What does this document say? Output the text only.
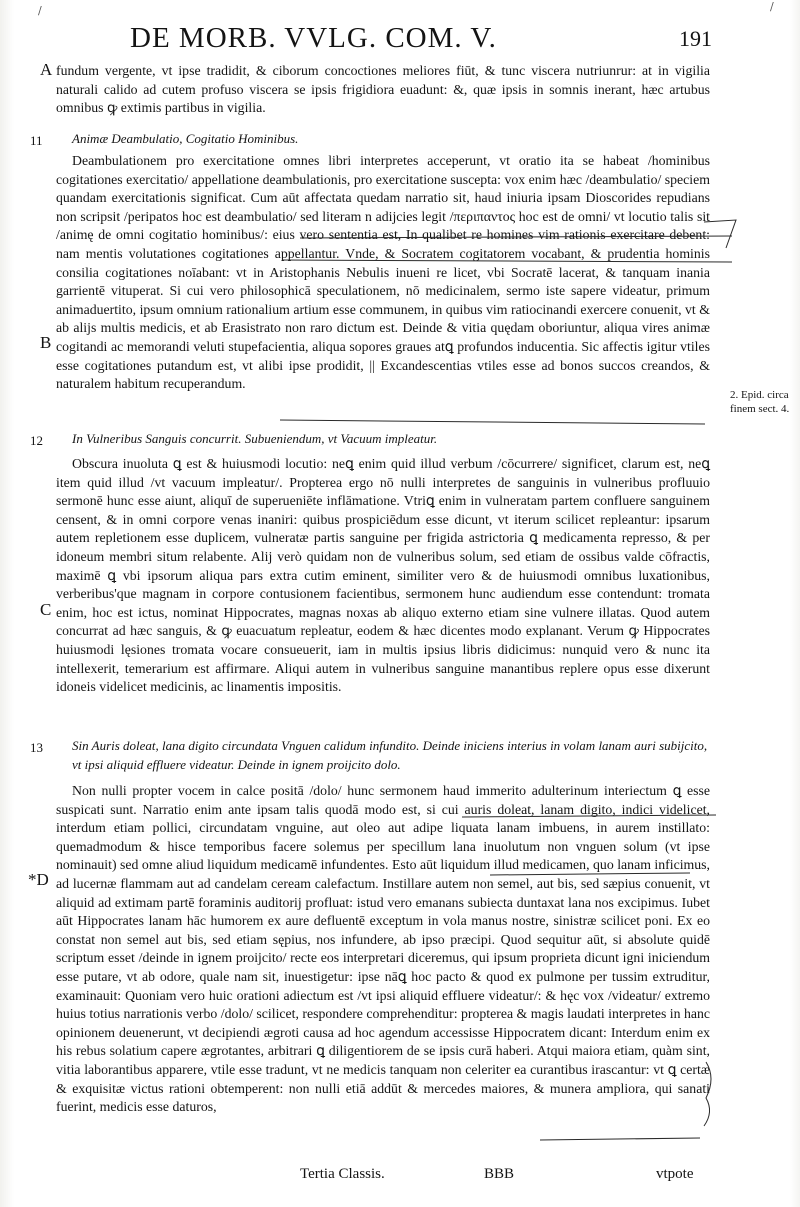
/	/
DE MORB. VVLG. COM. V.	191
A
11
B
12
C
13
*D
fundum vergente, vt ipse tradidit, & ciborum concoctiones meliores fiūt, & tunc viscera nutriunrur: at in vigilia naturali calido ad cutem profuso viscera se ipsis frigidiora euadunt: &, quæ ipsis in somnis inerant, hæc artubus omnibus ꝙ extimis partibus in vigilia.
Animæ Deambulatio, Cogitatio Hominibus.
Deambulationem pro exercitatione omnes libri interpretes acceperunt, vt oratio ita se habeat /hominibus cogitationes exercitatio/ appellatione deambulationis, pro exercitatione suscepta: vox enim hæc /deambulatio/ speciem quandam exercitationis significat. Cum aūt affectata quedam narratio sit, haud iniuria ipsam Dioscorides repudians non scripsit /peripatos hoc est deambulatio/ sed literam n adijcies legit /περιπαντος hoc est de omni/ vt locutio talis sit /animę de omni cogitatio hominibus/: eius vero sententia est, In qualibet re homines vim rationis exercitare debent: nam mentis volutationes cogitationes appellantur. Vnde, & Socratem cogitatorem vocabant, & prudentia hominis consilia cogitationes noīabant: vt in Aristophanis Nebulis inueni re licet, vbi Socratē lacerat, & tanquam inania garrientē vituperat. Si cui vero philosophicā speculationem, nō medicinalem, sermo iste sapere videatur, primum animaduertito, ipsum omnium rationalium artium esse communem, in quibus vim ratiocinandi exercere conuenit, vt & ab alijs multis medicis, et ab Erasistrato non raro dictum est. Deinde & vitia quędam oboriuntur, aliqua vires animæ cogitandi ac memorandi veluti stupefacientia, aliqua sopores graues atꝗ profundos inducentia. Sic affectis igitur vtiles esse cogitationes putandum est, vt alibi ipse prodidit, || Excandescentias vtiles esse ad bonos succos creandos, & naturalem habitum recuperandum.
2. Epid. circa finem sect. 4.
In Vulneribus Sanguis concurrit. Subueniendum, vt Vacuum impleatur.
Obscura inuoluta ꝗ est & huiusmodi locutio: neꝗ enim quid illud verbum /cōcurrere/ significet, clarum est, neꝗ item quid illud /vt vacuum impleatur/. Propterea ergo nō nulli interpretes de sanguinis in vulneribus profluuio sermonē hunc esse aiunt, aliquī de superueniēte inflāmatione. Vtriꝗ enim in vulneratam partem confluere sanguinem censent, & in omni corpore venas inaniri: quibus prospiciēdum esse dicunt, vt iterum scilicet repleantur: ipsarum autem repletionem esse duplicem, vulneratæ partis sanguine per frigida astrictoria ꝗ medicamenta represso, & per idoneum membri situm relabente. Alij verò quidam non de vulneribus solum, sed etiam de ossibus valde cōfractis, maximē ꝗ vbi ipsorum aliqua pars extra cutim eminent, similiter vero & de huiusmodi omnibus luxationibus, verberibus'que magnam in corpore contusionem facientibus, sermonem hunc audiendum esse contendunt: tromata enim, hoc est ictus, nominat Hippocrates, magnas noxas ab aliquo externo etiam sine vulnere illatas. Quod autem concurrat ad hæc sanguis, & ꝙ euacuatum repleatur, eodem & hæc dicentes modo explanant. Verum ꝙ Hippocrates huiusmodi lęsiones tromata vocare consueuerit, iam in multis ipsius libris didicimus: nunquid vero & nunc ita intellexerit, temerarium est affirmare. Aliqui autem in vulneribus sanguine manantibus replere opus esse dixerunt idoneis videlicet medicinis, ac linamentis impositis.
Sin Auris doleat, lana digito circundata Vnguen calidum infundito. Deinde iniciens interius in volam lanam auri subijcito, vt ipsi aliquid effluere videatur. Deinde in ignem proijcito dolo.
Non nulli propter vocem in calce positā /dolo/ hunc sermonem haud immerito adulterinum interiectum ꝗ esse suspicati sunt. Narratio enim ante ipsam talis quodā modo est, si cui auris doleat, lanam digito, indici videlicet, interdum etiam pollici, circundatam vnguine, aut oleo aut adipe liquata lanam imbuens, in aurem instillato: quemadmodum & hisce temporibus facere solemus per specillum lana inuolutum non vnguen solum (vt ipse nominauit) sed omne aliud liquidum medicamē infundentes. Esto aūt liquidum illud medicamen, quo lanam inficimus, ad lucernæ flammam aut ad candelam ceream calefactum. Instillare autem non semel, aut bis, sed sæpius conuenit, vt aliquid ad extimam partē foraminis auditorij profluat: istud vero emanans subiecta duntaxat lana nos excipimus. Iubet aūt Hippocrates lanam hāc humorem ex aure defluentē exceptum in vola manus nostre, sinistræ scilicet poni. Ex eo constat non semel aut bis, sed etiam sępius, nos infundere, ab ipso præcipi. Quod sequitur aūt, si absolute quidē scriptum esset /deinde in ignem proijcito/ recte eos interpretari diceremus, qui ipsum proprieta dicunt igni iniciendum esse putare, vt ab odore, quale nam sit, inuestigetur: ipse nāꝗ hoc pacto & quod ex pulmone per tussim extruditur, examinauit: Quoniam vero huic orationi adiectum est /vt ipsi aliquid effluere videatur/: & hęc vox /videatur/ extremo huius totius narrationis verbo /dolo/ scilicet, respondere comprehenditur: propterea & magis laudati interpretes in hanc opinionem deuenerunt, vt decipiendi ægroti causa ad hoc agendum accessisse Hippocratem dicant: Interdum enim ex his rebus solatium capere ægrotantes, arbitrari ꝗ diligentiorem de se ipsis curā haberi. Atqui maiora etiam, quàm sint, vitia laborantibus apparere, vtile esse tradunt, vt ne medicis tanquam non celeriter ea curantibus irascantur: vt ꝗ certæ & exquisitæ victus rationi obtemperent: non nulli etiā addūt & mercedes maiores, & munera ampliora, qui sanati fuerint, medicis esse daturos,
Tertia Classis.	BBB	vtpote
